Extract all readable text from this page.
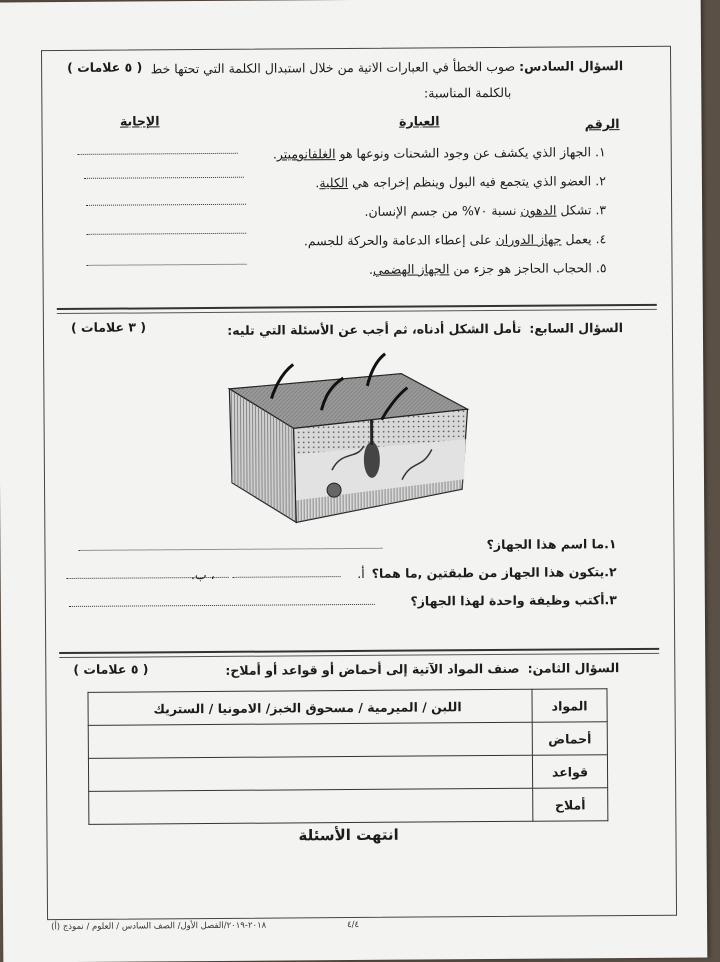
( ٥ علامات )	السؤال السادس: صوب الخطأ في العبارات الاتية من خلال استبدال الكلمة التي تحتها خط
بالكلمة المناسبة:
الرقم
العبارة
الإجابة
١. الجهاز الذي يكشف عن وجود الشحنات ونوعها هو الغلفانوميتر.
٢. العضو الذي يتجمع فيه البول وينظم إخراجه هي الكلية.
٣. تشكل الدهون نسبة ٧٠% من جسم الإنسان.
٤. يعمل جهاز الدوران على إعطاء الدعامة والحركة للجسم.
٥. الحجاب الحاجز هو جزء من الجهاز الهضمي.
( ٣ علامات )	السؤال السابع:  تأمل الشكل أدناه، ثم أجب عن الأسئلة التي تليه:
١.ما اسم هذا الجهاز؟
٢.يتكون هذا الجهاز من طبقتين ,ما هما؟
أ.
، ب.
٣.أكتب وظيفة واحدة لهذا الجهاز؟
( ٥ علامات )	السؤال الثامن:  صنف المواد الآتية إلى أحماض أو قواعد أو أملاح:
المواد	اللبن / الميرمية / مسحوق الخبز/ الامونيا / الستريك
أحماض	
قواعد	
أملاح	
انتهت الأسئلة
٢٠١٨-٢٠١٩/الفصل الأول/ الصف السادس / العلوم / نموذج (أ)	٤/٤
